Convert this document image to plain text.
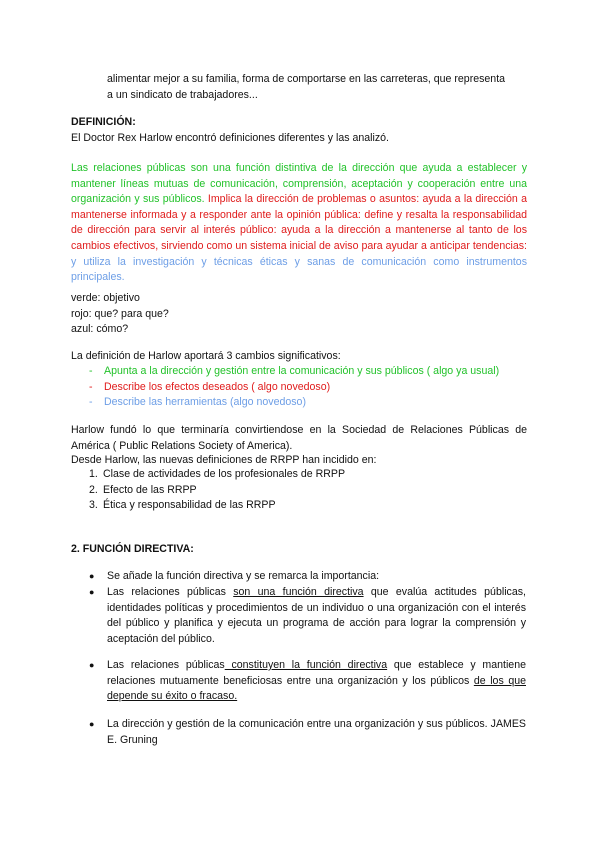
alimentar mejor a su familia, forma de comportarse en las carreteras, que representa
a un sindicato de trabajadores...
DEFINICIÓN:
El Doctor Rex Harlow encontró definiciones diferentes y las analizó.
Las relaciones públicas son una función distintiva de la dirección que ayuda a establecer y mantener líneas mutuas de comunicación, comprensión, aceptación y cooperación entre una organización y sus públicos. Implica la dirección de problemas o asuntos: ayuda a la dirección a mantenerse informada y a responder ante la opinión pública: define y resalta la responsabilidad de dirección para servir al interés público: ayuda a la dirección a mantenerse al tanto de los cambios efectivos, sirviendo como un sistema inicial de aviso para ayudar a anticipar tendencias: y utiliza la investigación y técnicas éticas y sanas de comunicación como instrumentos principales.
verde: objetivo
rojo: que? para que?
azul: cómo?
La definición de Harlow aportará 3 cambios significativos:
- Apunta a la dirección y gestión entre la comunicación y sus públicos ( algo ya usual)
- Describe los efectos deseados ( algo novedoso)
- Describe las herramientas (algo novedoso)
Harlow fundó lo que terminaría convirtiendose en la Sociedad de Relaciones Públicas de América ( Public Relations Society of America).
Desde Harlow, las nuevas definiciones de RRPP han incidido en:
1. Clase de actividades de los profesionales de RRPP
2. Efecto de las RRPP
3. Ética y responsabilidad de las RRPP
2. FUNCIÓN DIRECTIVA:
● Se añade la función directiva y se remarca la importancia:
● Las relaciones públicas son una función directiva que evalúa actitudes públicas, identidades políticas y procedimientos de un individuo o una organización con el interés del público y planifica y ejecuta un programa de acción para lograr la comprensión y aceptación del público.
● Las relaciones públicas constituyen la función directiva que establece y mantiene relaciones mutuamente beneficiosas entre una organización y los públicos de los que depende su éxito o fracaso.
● La dirección y gestión de la comunicación entre una organización y sus públicos. JAMES E. Gruning
